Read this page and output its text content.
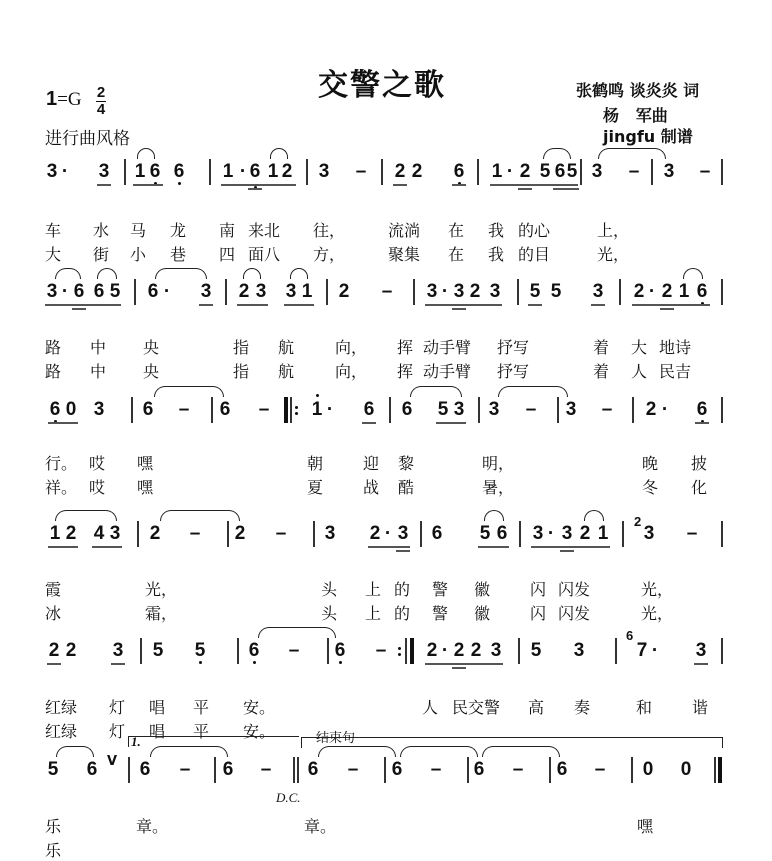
交警之歌	张鹤鸣 谈炎炎 词
杨   军曲
jingfu 制谱
1=G 2
4
进行曲风格
3 · 3 1 6 6 1 · 6 1 2 3 – 2 2 6 1 · 2 5 6 5 3 – 3 –

车 水 马 龙 南 来北 往，	流淌 在 我 的心	上，

大 街 小 巷 四 面八 方，	聚集 在 我 的目	光，

3 · 6 6 5 6 · 3 2 3 3 1 2 – 3 · 3 2 3 5 5 3 2 · 2 1 6

路 中 央	指 航	向， 挥 动手臂 抒写	着 大 地诗

路 中 央	指 航	向， 挥 动手臂 抒写	着 人 民吉

6 0 3 6 – 6 – 1 · 6 6 5 3 3 – 3 – 2 · 6

行。 哎 嘿	朝 迎 黎	明，	晚 披

祥。 哎 嘿	夏 战 酷	暑，	冬 化

1 2 4 3 2 – 2 – 3 2 · 3 6 5 6 3 · 3 2 1
2
3 –

霞	光，	头 上 的 警 徽 闪 闪发	光，

冰	霜，	头 上 的 警 徽 闪 闪发	光，

2 2 3 5 5 6 – 6 – 2 · 2 2 3 5 3
6
7 · 3

红绿 灯 唱 平 安。	人 民交警 高 奏	和 谐

红绿 灯 唱 平 安。

1.	结束句
5 6 V 6 – 6 – 6 – 6 – 6 – 6 – 0 0
D.C.

乐	章。	章。	嘿

乐
